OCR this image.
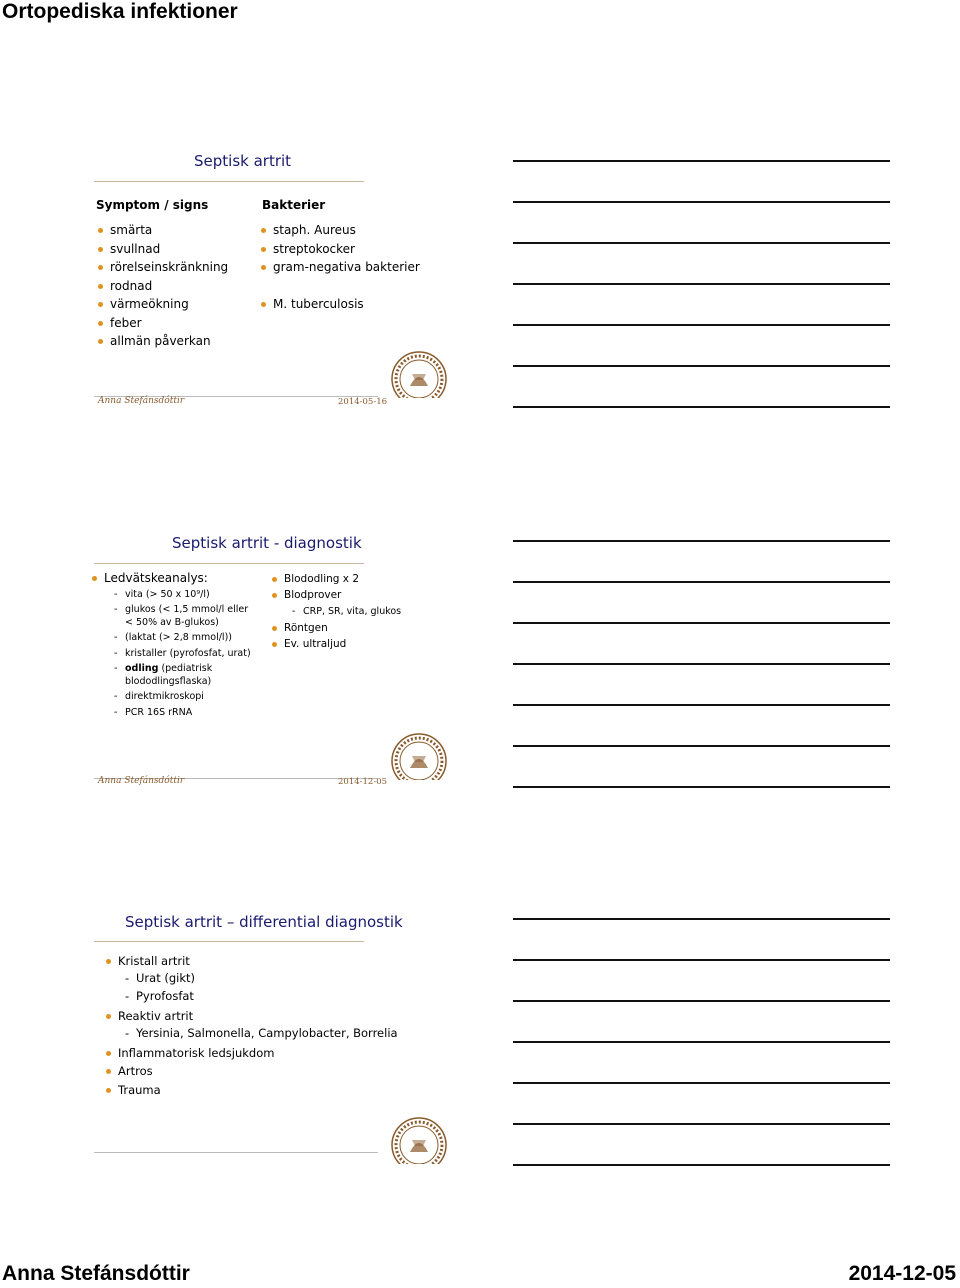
Ortopediska infektioner
Anna Stefánsdóttir	2014-12-05
Septisk artrit
Symptom / signs	Bakterier
smärta
svullnad
rörelseinskränkning
rodnad
värmeökning
feber
allmän påverkan
staph. Aureus
streptokocker
gram-negativa bakterier
M. tuberculosis
Anna Stefánsdóttir	2014-05-16
Septisk artrit - diagnostik
Ledvätskeanalys:
- vita (> 50 x 10⁹/l)
- glukos (< 1,5 mmol/l eller
< 50% av B-glukos)
- (laktat (> 2,8 mmol/l))
- kristaller (pyrofosfat, urat)
- odling (pediatrisk
blododlingsflaska)
- direktmikroskopi
- PCR 16S rRNA
Blododling x 2
Blodprover
- CRP, SR, vita, glukos
Röntgen
Ev. ultraljud
Anna Stefánsdóttir	2014-12-05
Septisk artrit – differential diagnostik
Kristall artrit
- Urat (gikt)
- Pyrofosfat
Reaktiv artrit
- Yersinia, Salmonella, Campylobacter, Borrelia
Inflammatorisk ledsjukdom
Artros
Trauma
